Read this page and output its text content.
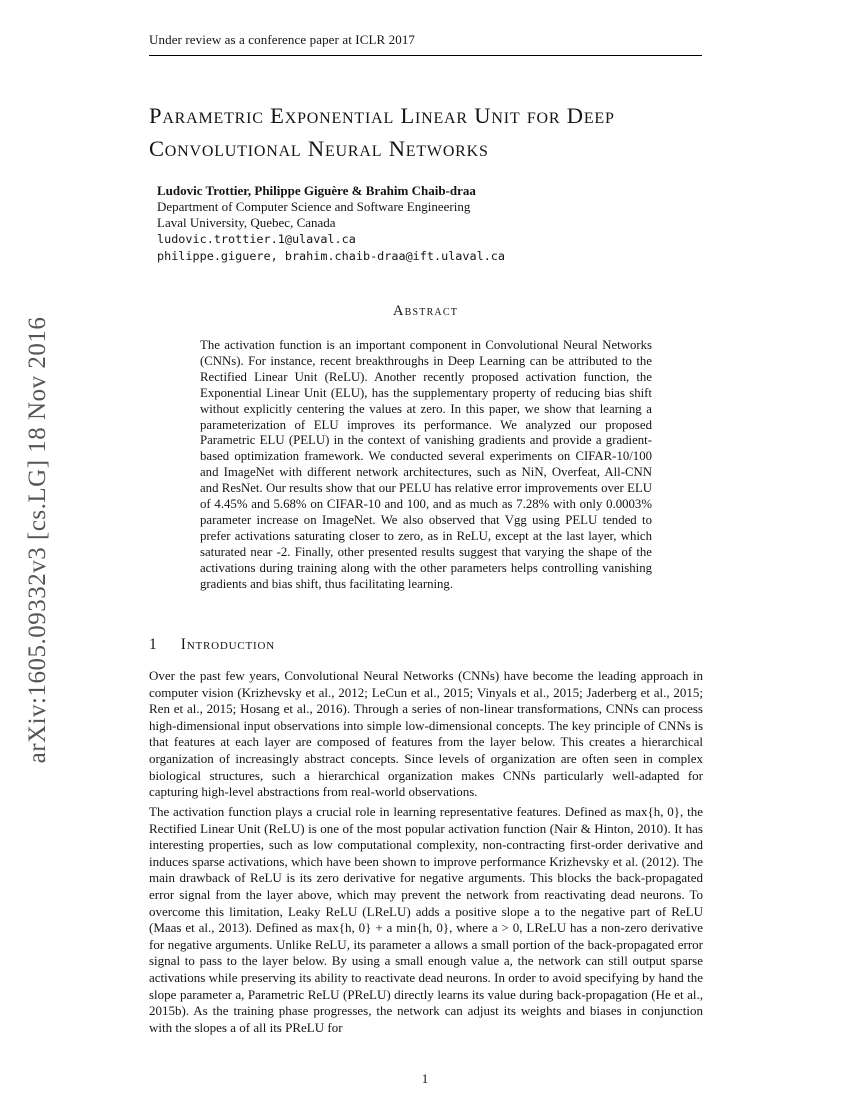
Under review as a conference paper at ICLR 2017
arXiv:1605.09332v3 [cs.LG] 18 Nov 2016
Parametric Exponential Linear Unit for Deep Convolutional Neural Networks
Ludovic Trottier, Philippe Giguère & Brahim Chaib-draa
Department of Computer Science and Software Engineering
Laval University, Quebec, Canada
ludovic.trottier.1@ulaval.ca
philippe.giguere, brahim.chaib-draa@ift.ulaval.ca
Abstract
The activation function is an important component in Convolutional Neural Networks (CNNs). For instance, recent breakthroughs in Deep Learning can be attributed to the Rectified Linear Unit (ReLU). Another recently proposed activation function, the Exponential Linear Unit (ELU), has the supplementary property of reducing bias shift without explicitly centering the values at zero. In this paper, we show that learning a parameterization of ELU improves its performance. We analyzed our proposed Parametric ELU (PELU) in the context of vanishing gradients and provide a gradient-based optimization framework. We conducted several experiments on CIFAR-10/100 and ImageNet with different network architectures, such as NiN, Overfeat, All-CNN and ResNet. Our results show that our PELU has relative error improvements over ELU of 4.45% and 5.68% on CIFAR-10 and 100, and as much as 7.28% with only 0.0003% parameter increase on ImageNet. We also observed that Vgg using PELU tended to prefer activations saturating closer to zero, as in ReLU, except at the last layer, which saturated near -2. Finally, other presented results suggest that varying the shape of the activations during training along with the other parameters helps controlling vanishing gradients and bias shift, thus facilitating learning.
1 Introduction
Over the past few years, Convolutional Neural Networks (CNNs) have become the leading approach in computer vision (Krizhevsky et al., 2012; LeCun et al., 2015; Vinyals et al., 2015; Jaderberg et al., 2015; Ren et al., 2015; Hosang et al., 2016). Through a series of non-linear transformations, CNNs can process high-dimensional input observations into simple low-dimensional concepts. The key principle of CNNs is that features at each layer are composed of features from the layer below. This creates a hierarchical organization of increasingly abstract concepts. Since levels of organization are often seen in complex biological structures, such a hierarchical organization makes CNNs particularly well-adapted for capturing high-level abstractions from real-world observations.
The activation function plays a crucial role in learning representative features. Defined as max{h, 0}, the Rectified Linear Unit (ReLU) is one of the most popular activation function (Nair & Hinton, 2010). It has interesting properties, such as low computational complexity, non-contracting first-order derivative and induces sparse activations, which have been shown to improve performance Krizhevsky et al. (2012). The main drawback of ReLU is its zero derivative for negative arguments. This blocks the back-propagated error signal from the layer above, which may prevent the network from reactivating dead neurons. To overcome this limitation, Leaky ReLU (LReLU) adds a positive slope a to the negative part of ReLU (Maas et al., 2013). Defined as max{h, 0} + a min{h, 0}, where a > 0, LReLU has a non-zero derivative for negative arguments. Unlike ReLU, its parameter a allows a small portion of the back-propagated error signal to pass to the layer below. By using a small enough value a, the network can still output sparse activations while preserving its ability to reactivate dead neurons. In order to avoid specifying by hand the slope parameter a, Parametric ReLU (PReLU) directly learns its value during back-propagation (He et al., 2015b). As the training phase progresses, the network can adjust its weights and biases in conjunction with the slopes a of all its PReLU for
1
